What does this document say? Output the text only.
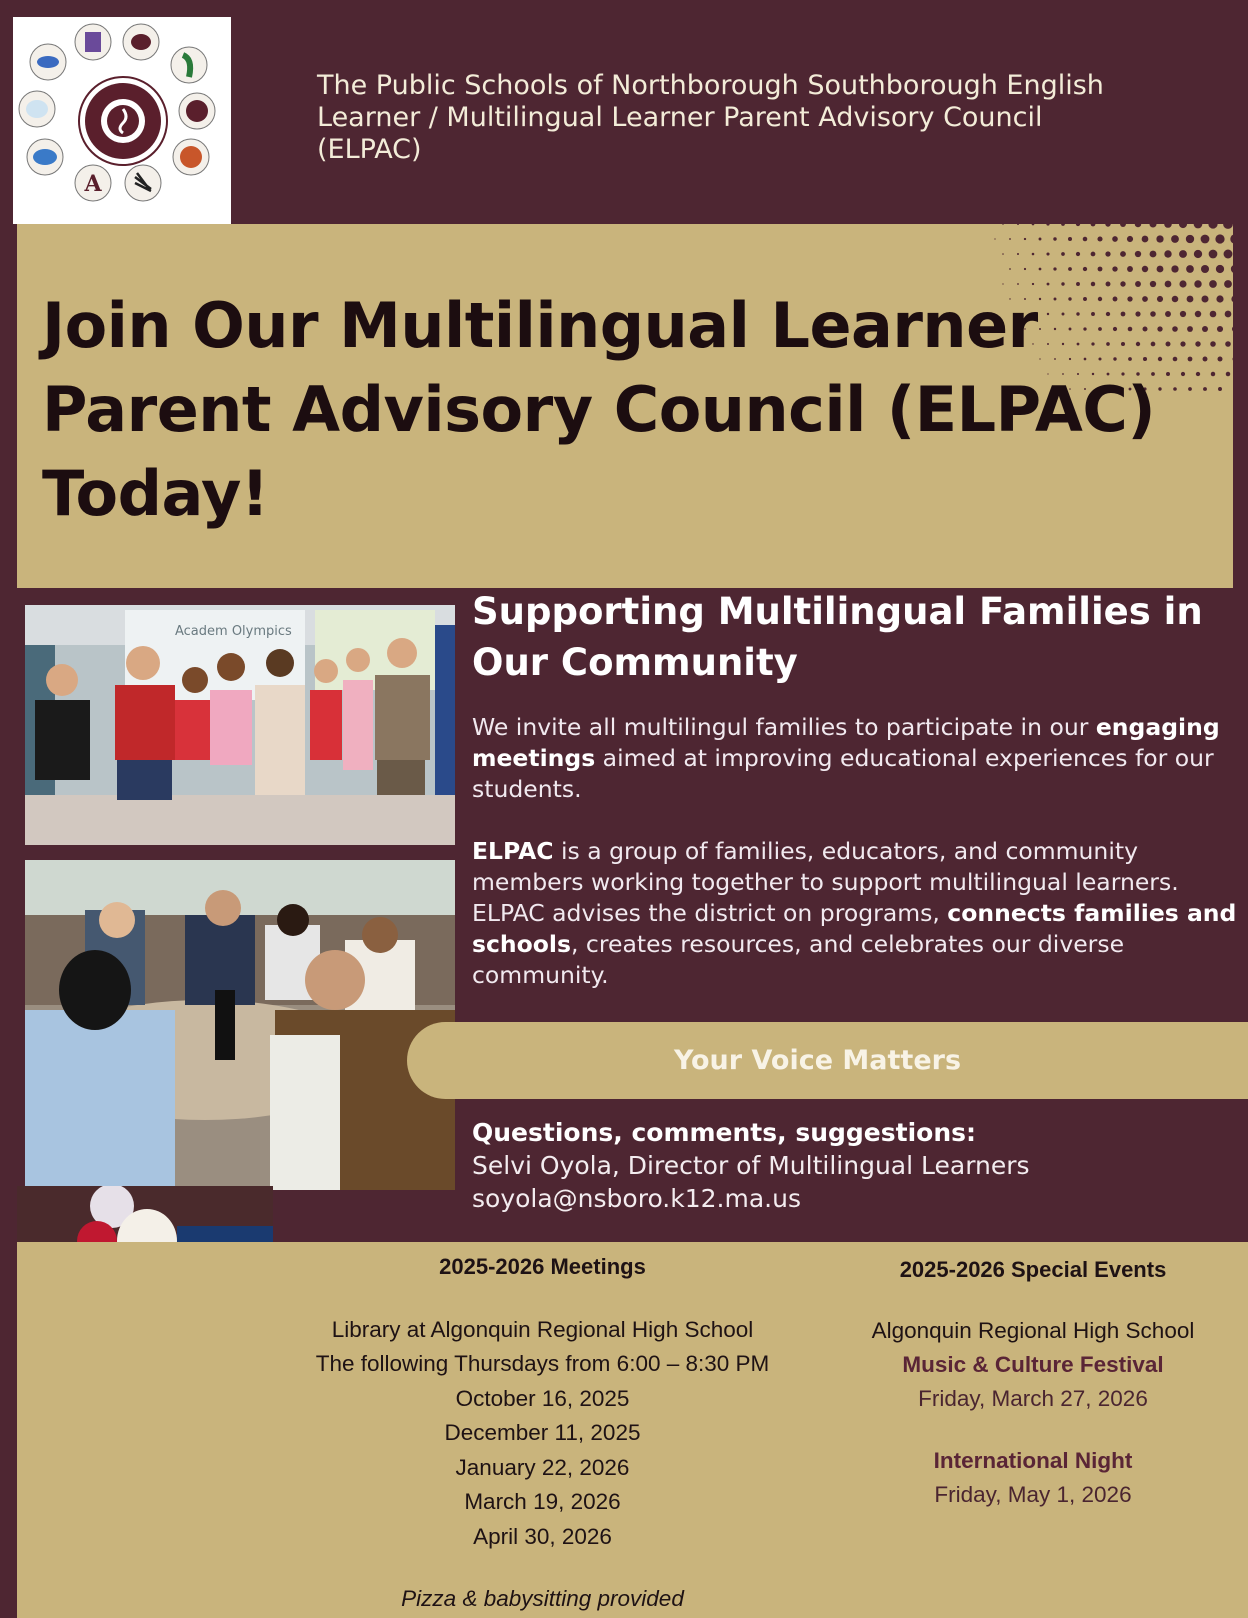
A
The Public Schools of Northborough Southborough English Learner / Multilingual Learner Parent Advisory Council (ELPAC)
Join Our Multilingual Learner Parent Advisory Council (ELPAC) Today!
Academ Olympics	Supporting Multilingual Families in Our Community
We invite all multilingul families to participate in our engaging meetings aimed at improving educational experiences for our students.
ELPAC is a group of families, educators, and community members working together to support multilingual learners. ELPAC advises the district on programs, connects families and schools, creates resources, and celebrates our diverse community.
Your Voice Matters
Questions, comments, suggestions:
Selvi Oyola, Director of Multilingual Learners
soyola@nsboro.k12.ma.us
2025-2026 Meetings
Library at Algonquin Regional High School
The following Thursdays from 6:00 – 8:30 PM
October 16, 2025
December 11, 2025
January 22, 2026
March 19, 2026
April 30, 2026
Pizza & babysitting provided
2025-2026 Special Events
Algonquin Regional High School
Music & Culture Festival
Friday, March 27, 2026
International Night
Friday, May 1, 2026
